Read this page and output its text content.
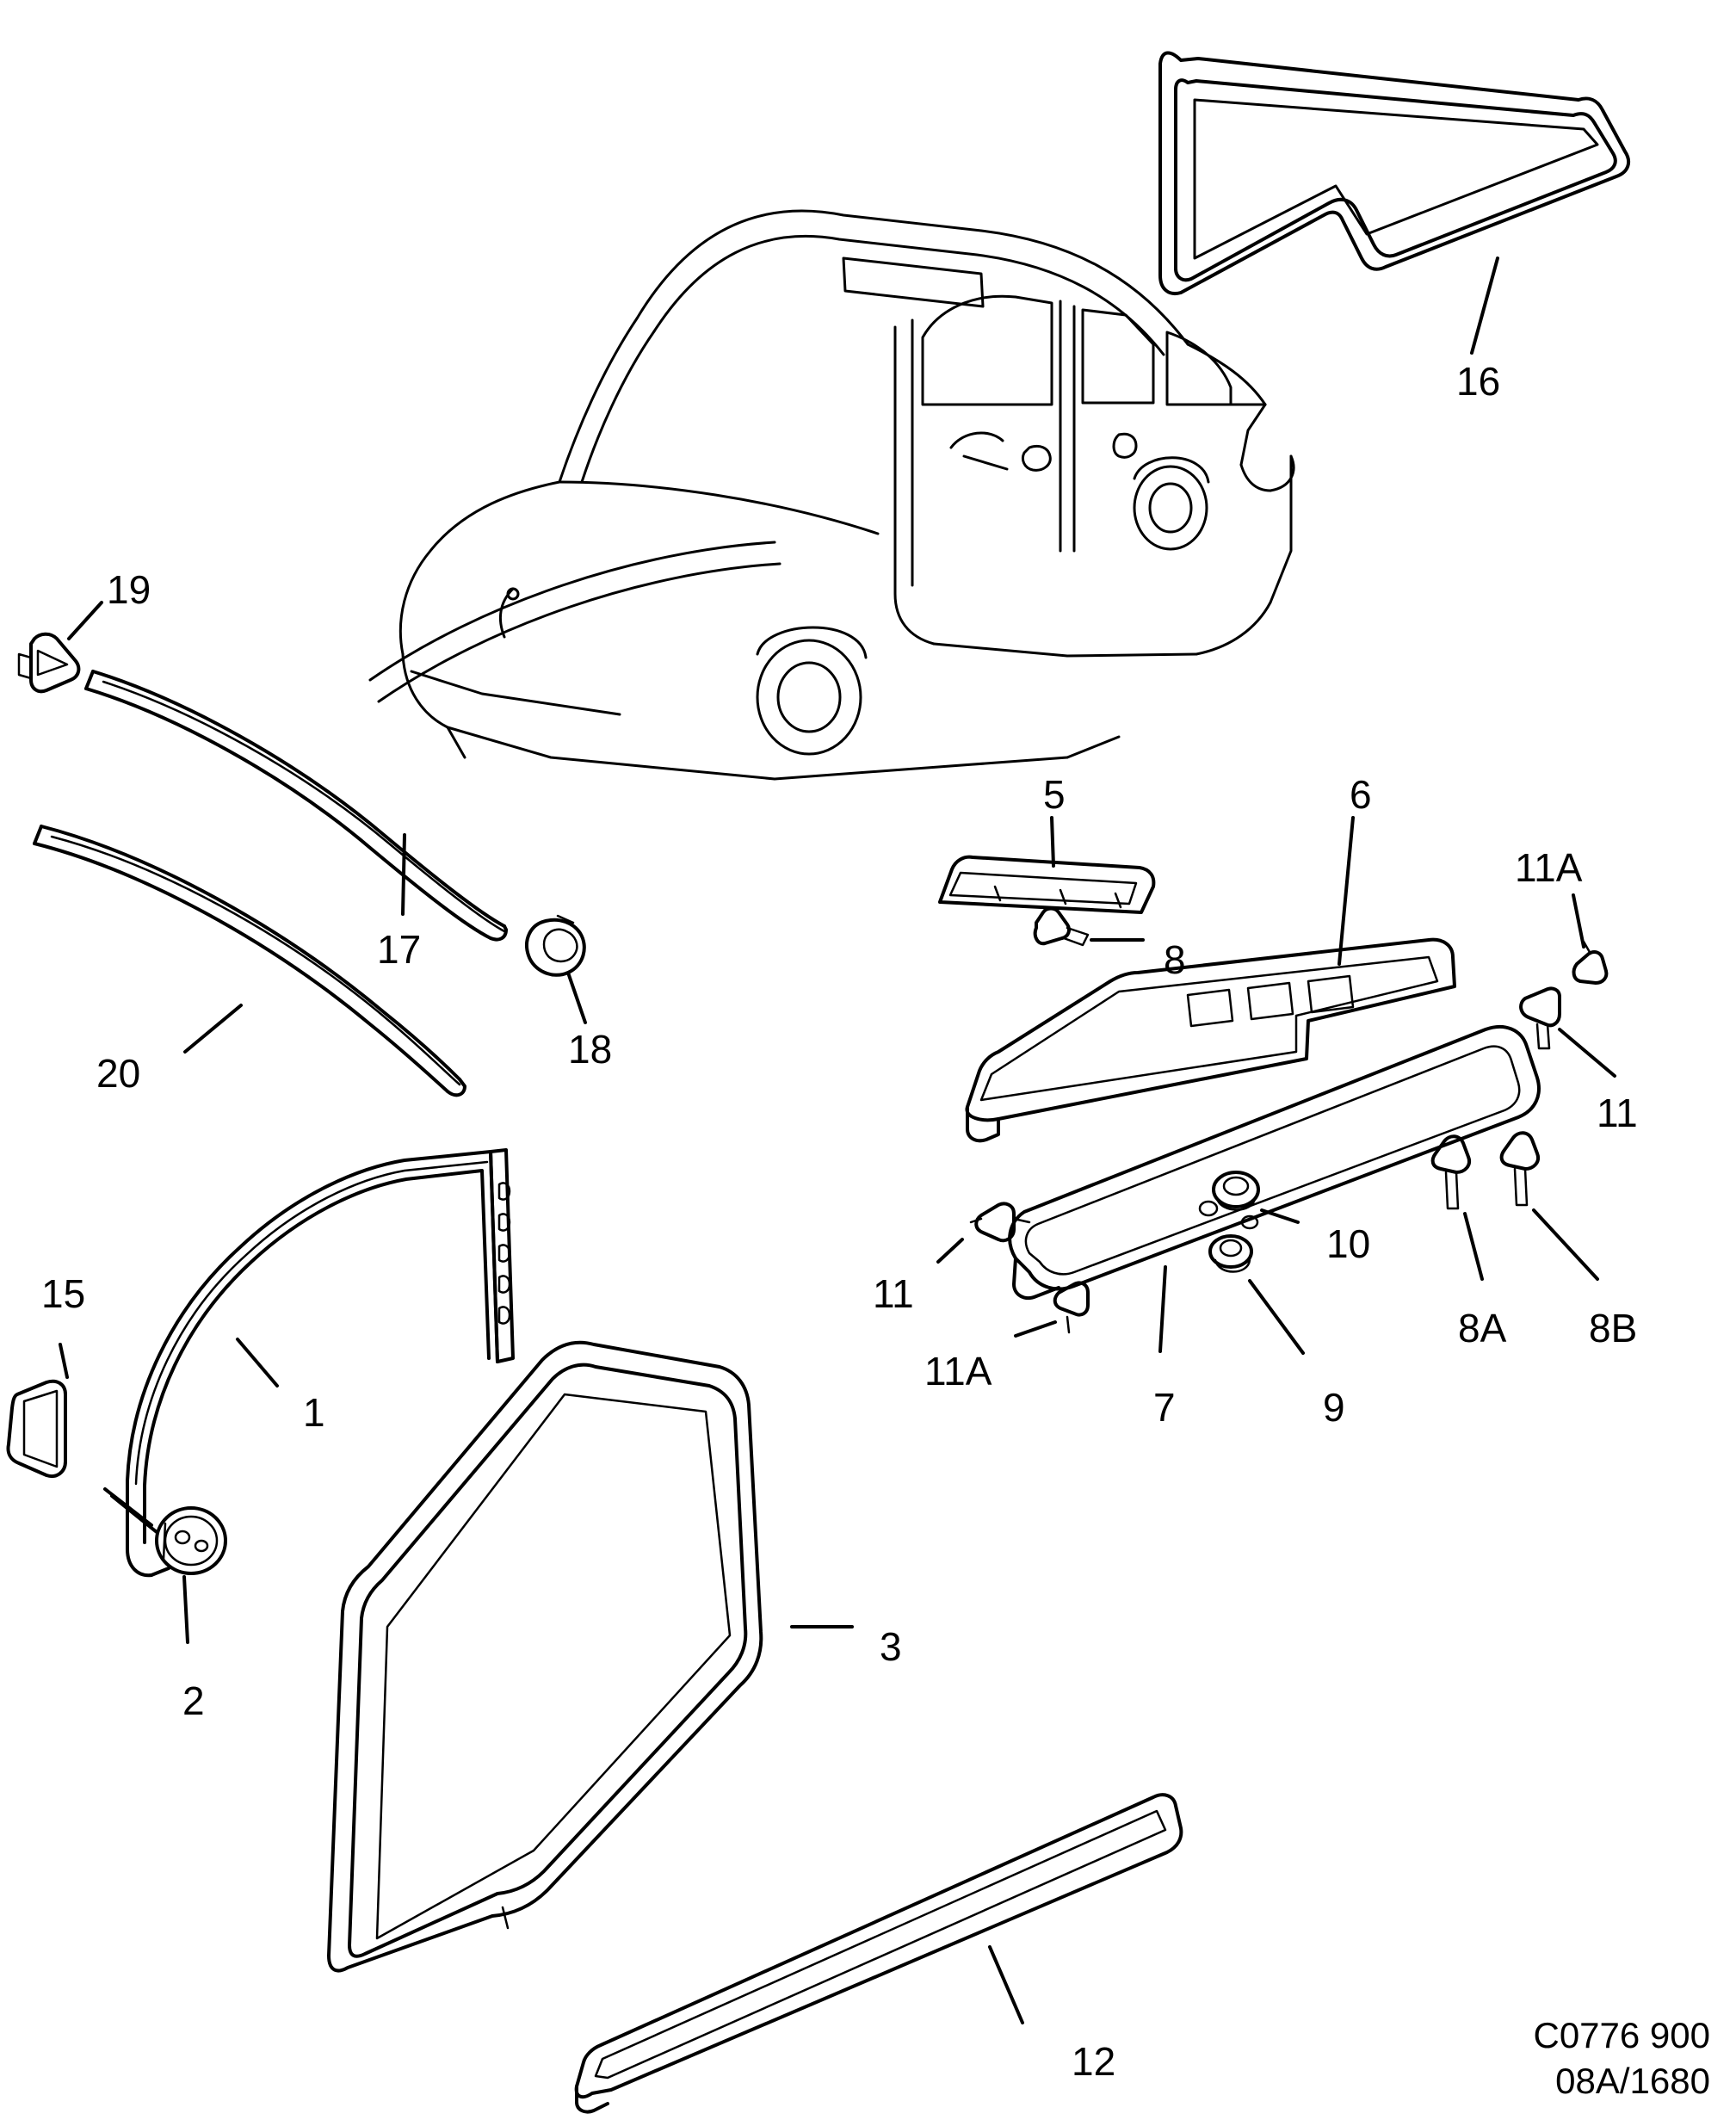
1
2
3
5	6
7
8
8A 8B
9
10
11
11A
11
11A
12
15
16
17
18
19
20
C0776 900
08A/1680
